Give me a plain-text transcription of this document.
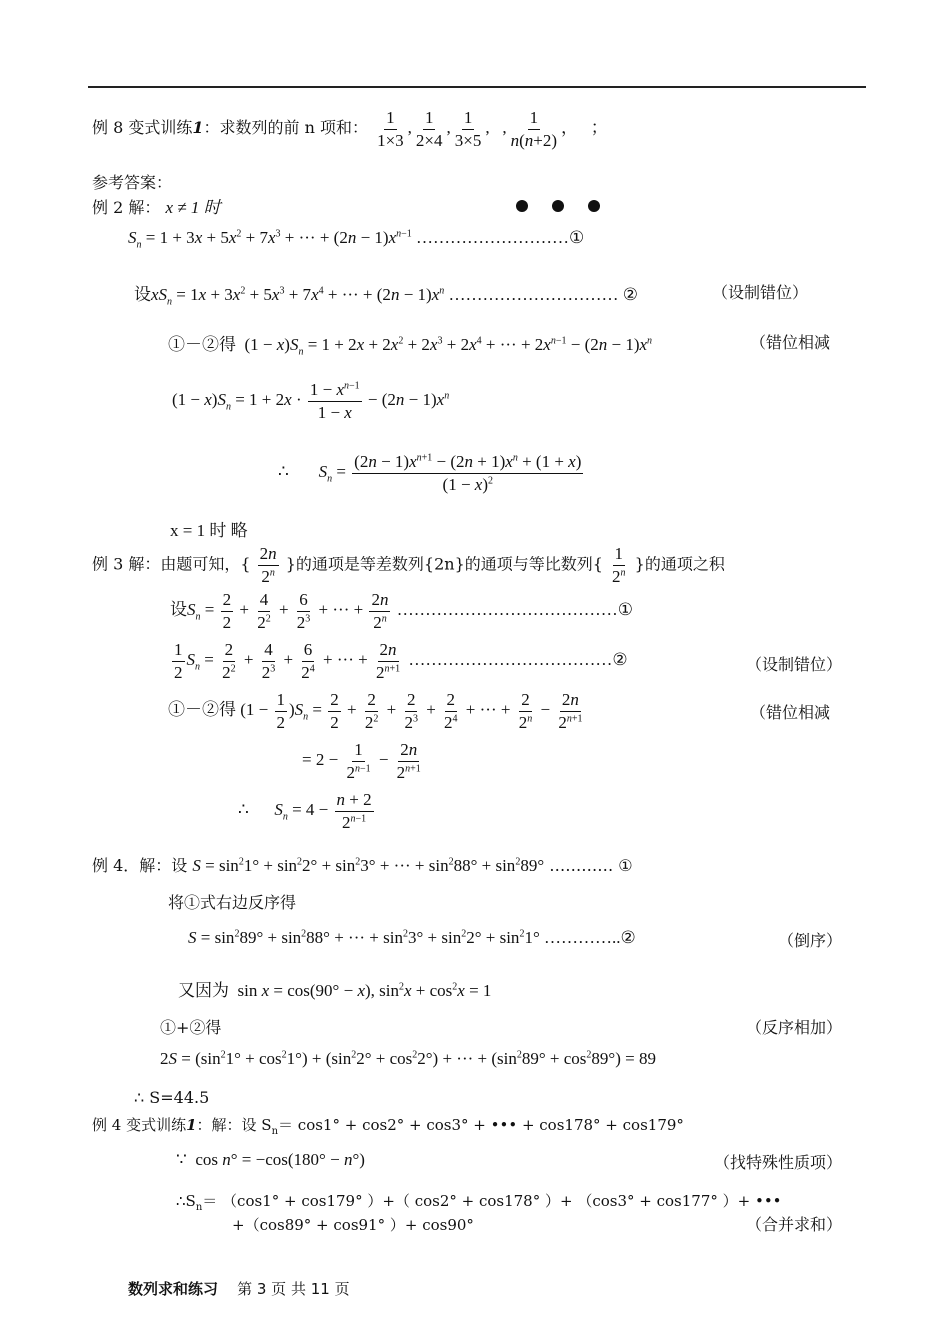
例 8 变式训练1：求数列的前 n 项和： $\frac{1}{1\times 3}$ , $\frac{1}{2\times 4}$ , $\frac{1}{3\times 5}$ ,   , $\frac{1}{n(n+2)}$ ， ；
参考答案：
例 2 解： x ≠ 1 时
$S_n = 1 + 3x + 5x^2 + 7x^3$ + ··· + $(2n - 1)x^{n-1}$ ………………………①
设$xS_n = 1x + 3x^2 + 5x^3 + 7x^4$ + ··· + $(2n - 1)x^n$ ………………………… ②	（设制错位）
①－②得  $(1 - x)S_n = 1 + 2x + 2x^2 + 2x^3 + 2x^4$ + ··· + $2x^{n-1} - (2n - 1)x^n$	（错位相减
$(1 - x)S_n = 1 + 2x \cdot \frac{1 - x^{n-1}}{1 - x} - (2n - 1)x^n$
∴ $S_n = \frac{(2n - 1)x^{n+1} - (2n + 1)x^n + (1 + x)}{(1 - x)^2}$
x = 1 时 略
例 3 解：由题可知，{ $\frac{2n}{2^n}$ }的通项是等差数列{2n}的通项与等比数列{ $\frac{1}{2^n}$ }的通项之积
设$S_n = \frac{2}{2} + \frac{4}{2^2} + \frac{6}{2^3}$ + ··· + $\frac{2n}{2^n}$ …………………………………①
$\frac{1}{2} S_n = \frac{2}{2^2} + \frac{4}{2^3} + \frac{6}{2^4}$ + ··· + $\frac{2n}{2^{n+1}}$ ………………………………②	（设制错位）
①－②得 $(1 - \frac{1}{2} )S_n = \frac{2}{2} + \frac{2}{2^2} + \frac{2}{2^3} + \frac{2}{2^4}$ + ··· + $\frac{2}{2^n} - \frac{2n}{2^{n+1}}$	（错位相减
= $2 - \frac{1}{2^{n-1}} - \frac{2n}{2^{n+1}}$
∴ $S_n = 4 - \frac{n + 2}{2^{n-1}}$
例 4．解：设 $S = \sin^21^\circ + \sin^22^\circ + \sin^23^\circ$ + ··· + $\sin^288^\circ + \sin^289^\circ$ ………… ①
将①式右边反序得
$S = \sin^289^\circ + \sin^288^\circ$ + ··· + $\sin^23^\circ + \sin^22^\circ + \sin^21^\circ$ …………..②	（倒序）
又因为  sin x = cos(90° − x), $\sin^2x + \cos^2x = 1$
①+②得	（反序相加）
$2S = (\sin^21^\circ + \cos^21^\circ) + (\sin^22^\circ + \cos^22^\circ)$ + ··· + $(\sin^289^\circ + \cos^289^\circ) = 89$
∴ S=44.5
例 4 变式训练1：解：设 $S_n= \cos 1^\circ + \cos 2^\circ + \cos 3^\circ$ + ••• + cos178° + cos179°
∵  cos n° = −cos(180° − n°)	（找特殊性质项）
$\therefore S_n= (\cos 1^\circ + \cos 179^\circ$ ）+（ cos2° + cos178° ）+ （cos3° + cos177° ）+ •••
+（cos89° + cos91° ）+ cos90°	（合并求和）
数列求和练习 第 3 页 共 11 页
